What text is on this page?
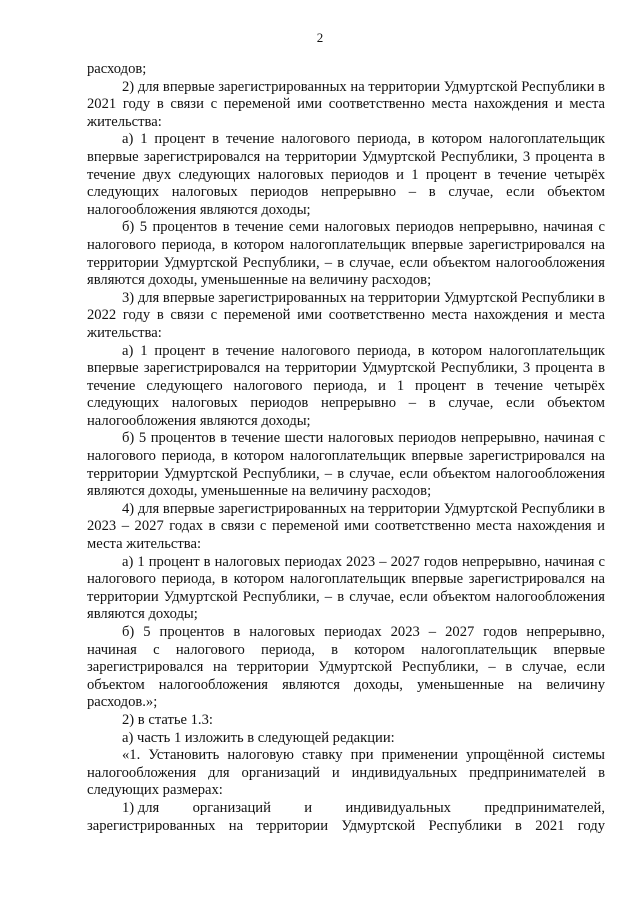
2

расходов;

2) для впервые зарегистрированных на территории Удмуртской Республики в 2021 году в связи с переменой ими соответственно места нахождения и места жительства:

а) 1 процент в течение налогового периода, в котором налогоплательщик впервые зарегистрировался на территории Удмуртской Республики, 3 процента в течение двух следующих налоговых периодов и 1 процент в течение четырёх следующих налоговых периодов непрерывно – в случае, если объектом налогообложения являются доходы;

б) 5 процентов в течение семи налоговых периодов непрерывно, начиная с налогового периода, в котором налогоплательщик впервые зарегистрировался на территории Удмуртской Республики, – в случае, если объектом налогообложения являются доходы, уменьшенные на величину расходов;

3) для впервые зарегистрированных на территории Удмуртской Республики в 2022 году в связи с переменой ими соответственно места нахождения и места жительства:

а) 1 процент в течение налогового периода, в котором налогоплательщик впервые зарегистрировался на территории Удмуртской Республики, 3 процента в течение следующего налогового периода, и 1 процент в течение четырёх следующих налоговых периодов непрерывно – в случае, если объектом налогообложения являются доходы;

б) 5 процентов в течение шести налоговых периодов непрерывно, начиная с налогового периода, в котором налогоплательщик впервые зарегистрировался на территории Удмуртской Республики, – в случае, если объектом налогообложения являются доходы, уменьшенные на величину расходов;

4) для впервые зарегистрированных на территории Удмуртской Республики в 2023 – 2027 годах в связи с переменой ими соответственно места нахождения и места жительства:

а) 1 процент в налоговых периодах 2023 – 2027 годов непрерывно, начиная с налогового периода, в котором налогоплательщик впервые зарегистрировался на территории Удмуртской Республики, – в случае, если объектом налогообложения являются доходы;

б) 5 процентов в налоговых периодах 2023 – 2027 годов непрерывно, начиная с налогового периода, в котором налогоплательщик впервые зарегистрировался на территории Удмуртской Республики, – в случае, если объектом налогообложения являются доходы, уменьшенные на величину расходов.»;

2) в статье 1.3:

а) часть 1 изложить в следующей редакции:

«1. Установить налоговую ставку при применении упрощённой системы налогообложения для организаций и индивидуальных предпринимателей в следующих размерах:

1) для организаций и индивидуальных предпринимателей,

зарегистрированных на территории Удмуртской Республики в 2021 году
